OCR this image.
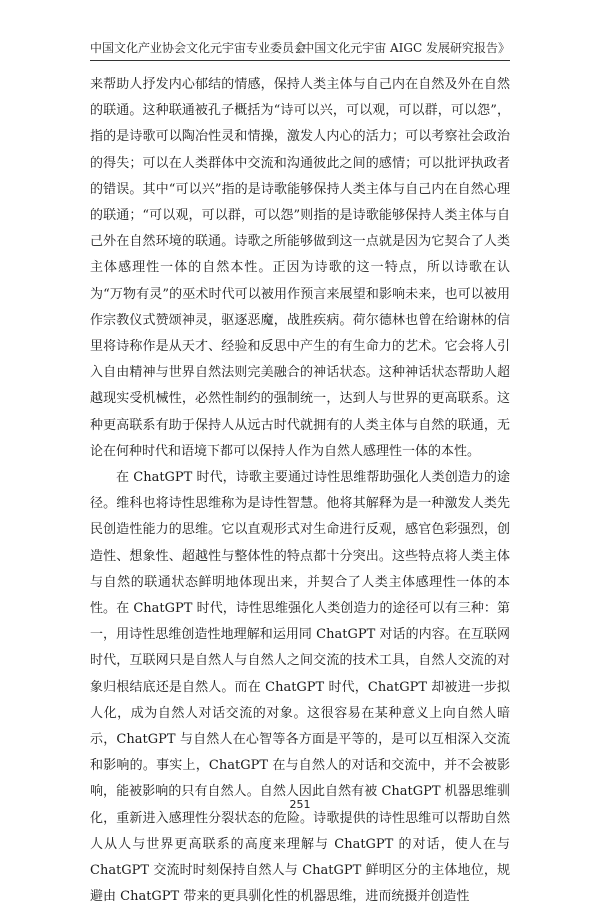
中国文化产业协会文化元宇宙专业委员会
《中国文化元宇宙 AIGC 发展研究报告》

来帮助人抒发内心郁结的情感，保持人类主体与自己内在自然及外在自然的联通。这种联通被孔子概括为“诗可以兴，可以观，可以群，可以怨”，指的是诗歌可以陶冶性灵和情操，激发人内心的活力；可以考察社会政治的得失；可以在人类群体中交流和沟通彼此之间的感情；可以批评执政者的错误。其中“可以兴”指的是诗歌能够保持人类主体与自己内在自然心理的联通；“可以观，可以群，可以怨”则指的是诗歌能够保持人类主体与自己外在自然环境的联通。诗歌之所能够做到这一点就是因为它契合了人类主体感理性一体的自然本性。正因为诗歌的这一特点，所以诗歌在认为“万物有灵”的巫术时代可以被用作预言来展望和影响未来，也可以被用作宗教仪式赞颂神灵，驱逐恶魔，战胜疾病。荷尔德林也曾在给谢林的信里将诗称作是从天才、经验和反思中产生的有生命力的艺术。它会将人引入自由精神与世界自然法则完美融合的神话状态。这种神话状态帮助人超越现实受机械性，必然性制约的强制统一，达到人与世界的更高联系。这种更高联系有助于保持人从远古时代就拥有的人类主体与自然的联通，无论在何种时代和语境下都可以保持人作为自然人感理性一体的本性。

在 ChatGPT 时代，诗歌主要通过诗性思维帮助强化人类创造力的途径。维科也将诗性思维称为是诗性智慧。他将其解释为是一种激发人类先民创造性能力的思维。它以直观形式对生命进行反观，感官色彩强烈，创造性、想象性、超越性与整体性的特点都十分突出。这些特点将人类主体与自然的联通状态鲜明地体现出来，并契合了人类主体感理性一体的本性。在 ChatGPT 时代，诗性思维强化人类创造力的途径可以有三种：第一，用诗性思维创造性地理解和运用同 ChatGPT 对话的内容。在互联网时代，互联网只是自然人与自然人之间交流的技术工具，自然人交流的对象归根结底还是自然人。而在 ChatGPT 时代，ChatGPT 却被进一步拟人化，成为自然人对话交流的对象。这很容易在某种意义上向自然人暗示，ChatGPT 与自然人在心智等各方面是平等的，是可以互相深入交流和影响的。事实上，ChatGPT 在与自然人的对话和交流中，并不会被影响，能被影响的只有自然人。自然人因此自然有被 ChatGPT 机器思维驯化，重新进入感理性分裂状态的危险。诗歌提供的诗性思维可以帮助自然人从人与世界更高联系的高度来理解与 ChatGPT 的对话，使人在与 ChatGPT 交流时时刻保持自然人与 ChatGPT 鲜明区分的主体地位，规避由 ChatGPT 带来的更具驯化性的机器思维，进而统摄并创造性

251
